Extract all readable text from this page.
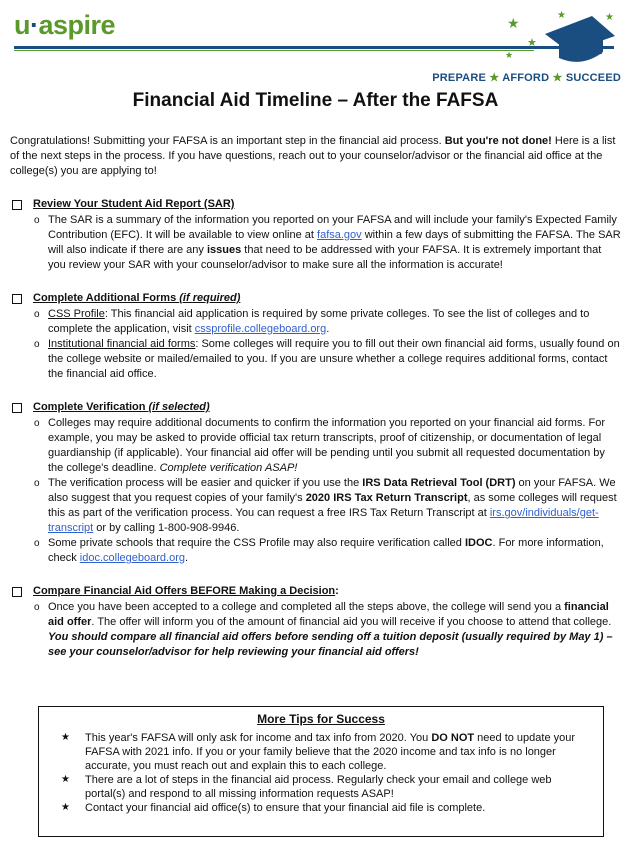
u·aspire	★
★
★
★	★
PREPARE ★ AFFORD ★ SUCCEED
Financial Aid Timeline – After the FAFSA

Congratulations! Submitting your FAFSA is an important step in the financial aid process. But you're not done! Here is a list of the next steps in the process. If you have questions, reach out to your counselor/advisor or the financial aid office at the college(s) you are applying to!

Review Your Student Aid Report (SAR)
o The SAR is a summary of the information you reported on your FAFSA and will include your family's Expected Family Contribution (EFC). It will be available to view online at fafsa.gov within a few days of submitting the FAFSA. The SAR will also indicate if there are any issues that need to be addressed with your FAFSA. It is extremely important that you review your SAR with your counselor/advisor to make sure all the information is accurate!
Complete Additional Forms (if required)
o CSS Profile: This financial aid application is required by some private colleges. To see the list of colleges and to complete the application, visit cssprofile.collegeboard.org.
o Institutional financial aid forms: Some colleges will require you to fill out their own financial aid forms, usually found on the college website or mailed/emailed to you. If you are unsure whether a college requires additional forms, contact the financial aid office.
Complete Verification (if selected)
o Colleges may require additional documents to confirm the information you reported on your financial aid forms. For example, you may be asked to provide official tax return transcripts, proof of citizenship, or documentation of legal guardianship (if applicable). Your financial aid offer will be pending until you submit all requested documentation by the college's deadline. Complete verification ASAP!
o The verification process will be easier and quicker if you use the IRS Data Retrieval Tool (DRT) on your FAFSA. We also suggest that you request copies of your family's 2020 IRS Tax Return Transcript, as some colleges will request this as part of the verification process. You can request a free IRS Tax Return Transcript at irs.gov/individuals/get-transcript or by calling 1-800-908-9946.
o Some private schools that require the CSS Profile may also require verification called IDOC. For more information, check idoc.collegeboard.org.
Compare Financial Aid Offers BEFORE Making a Decision:
o Once you have been accepted to a college and completed all the steps above, the college will send you a financial aid offer. The offer will inform you of the amount of financial aid you will receive if you choose to attend that college. You should compare all financial aid offers before sending off a tuition deposit (usually required by May 1) – see your counselor/advisor for help reviewing your financial aid offers!
More Tips for Success
★ This year's FAFSA will only ask for income and tax info from 2020. You DO NOT need to update your FAFSA with 2021 info. If you or your family believe that the 2020 income and tax info is no longer accurate, you must reach out and explain this to each college.
★ There are a lot of steps in the financial aid process. Regularly check your email and college web portal(s) and respond to all missing information requests ASAP!
★ Contact your financial aid office(s) to ensure that your financial aid file is complete.
